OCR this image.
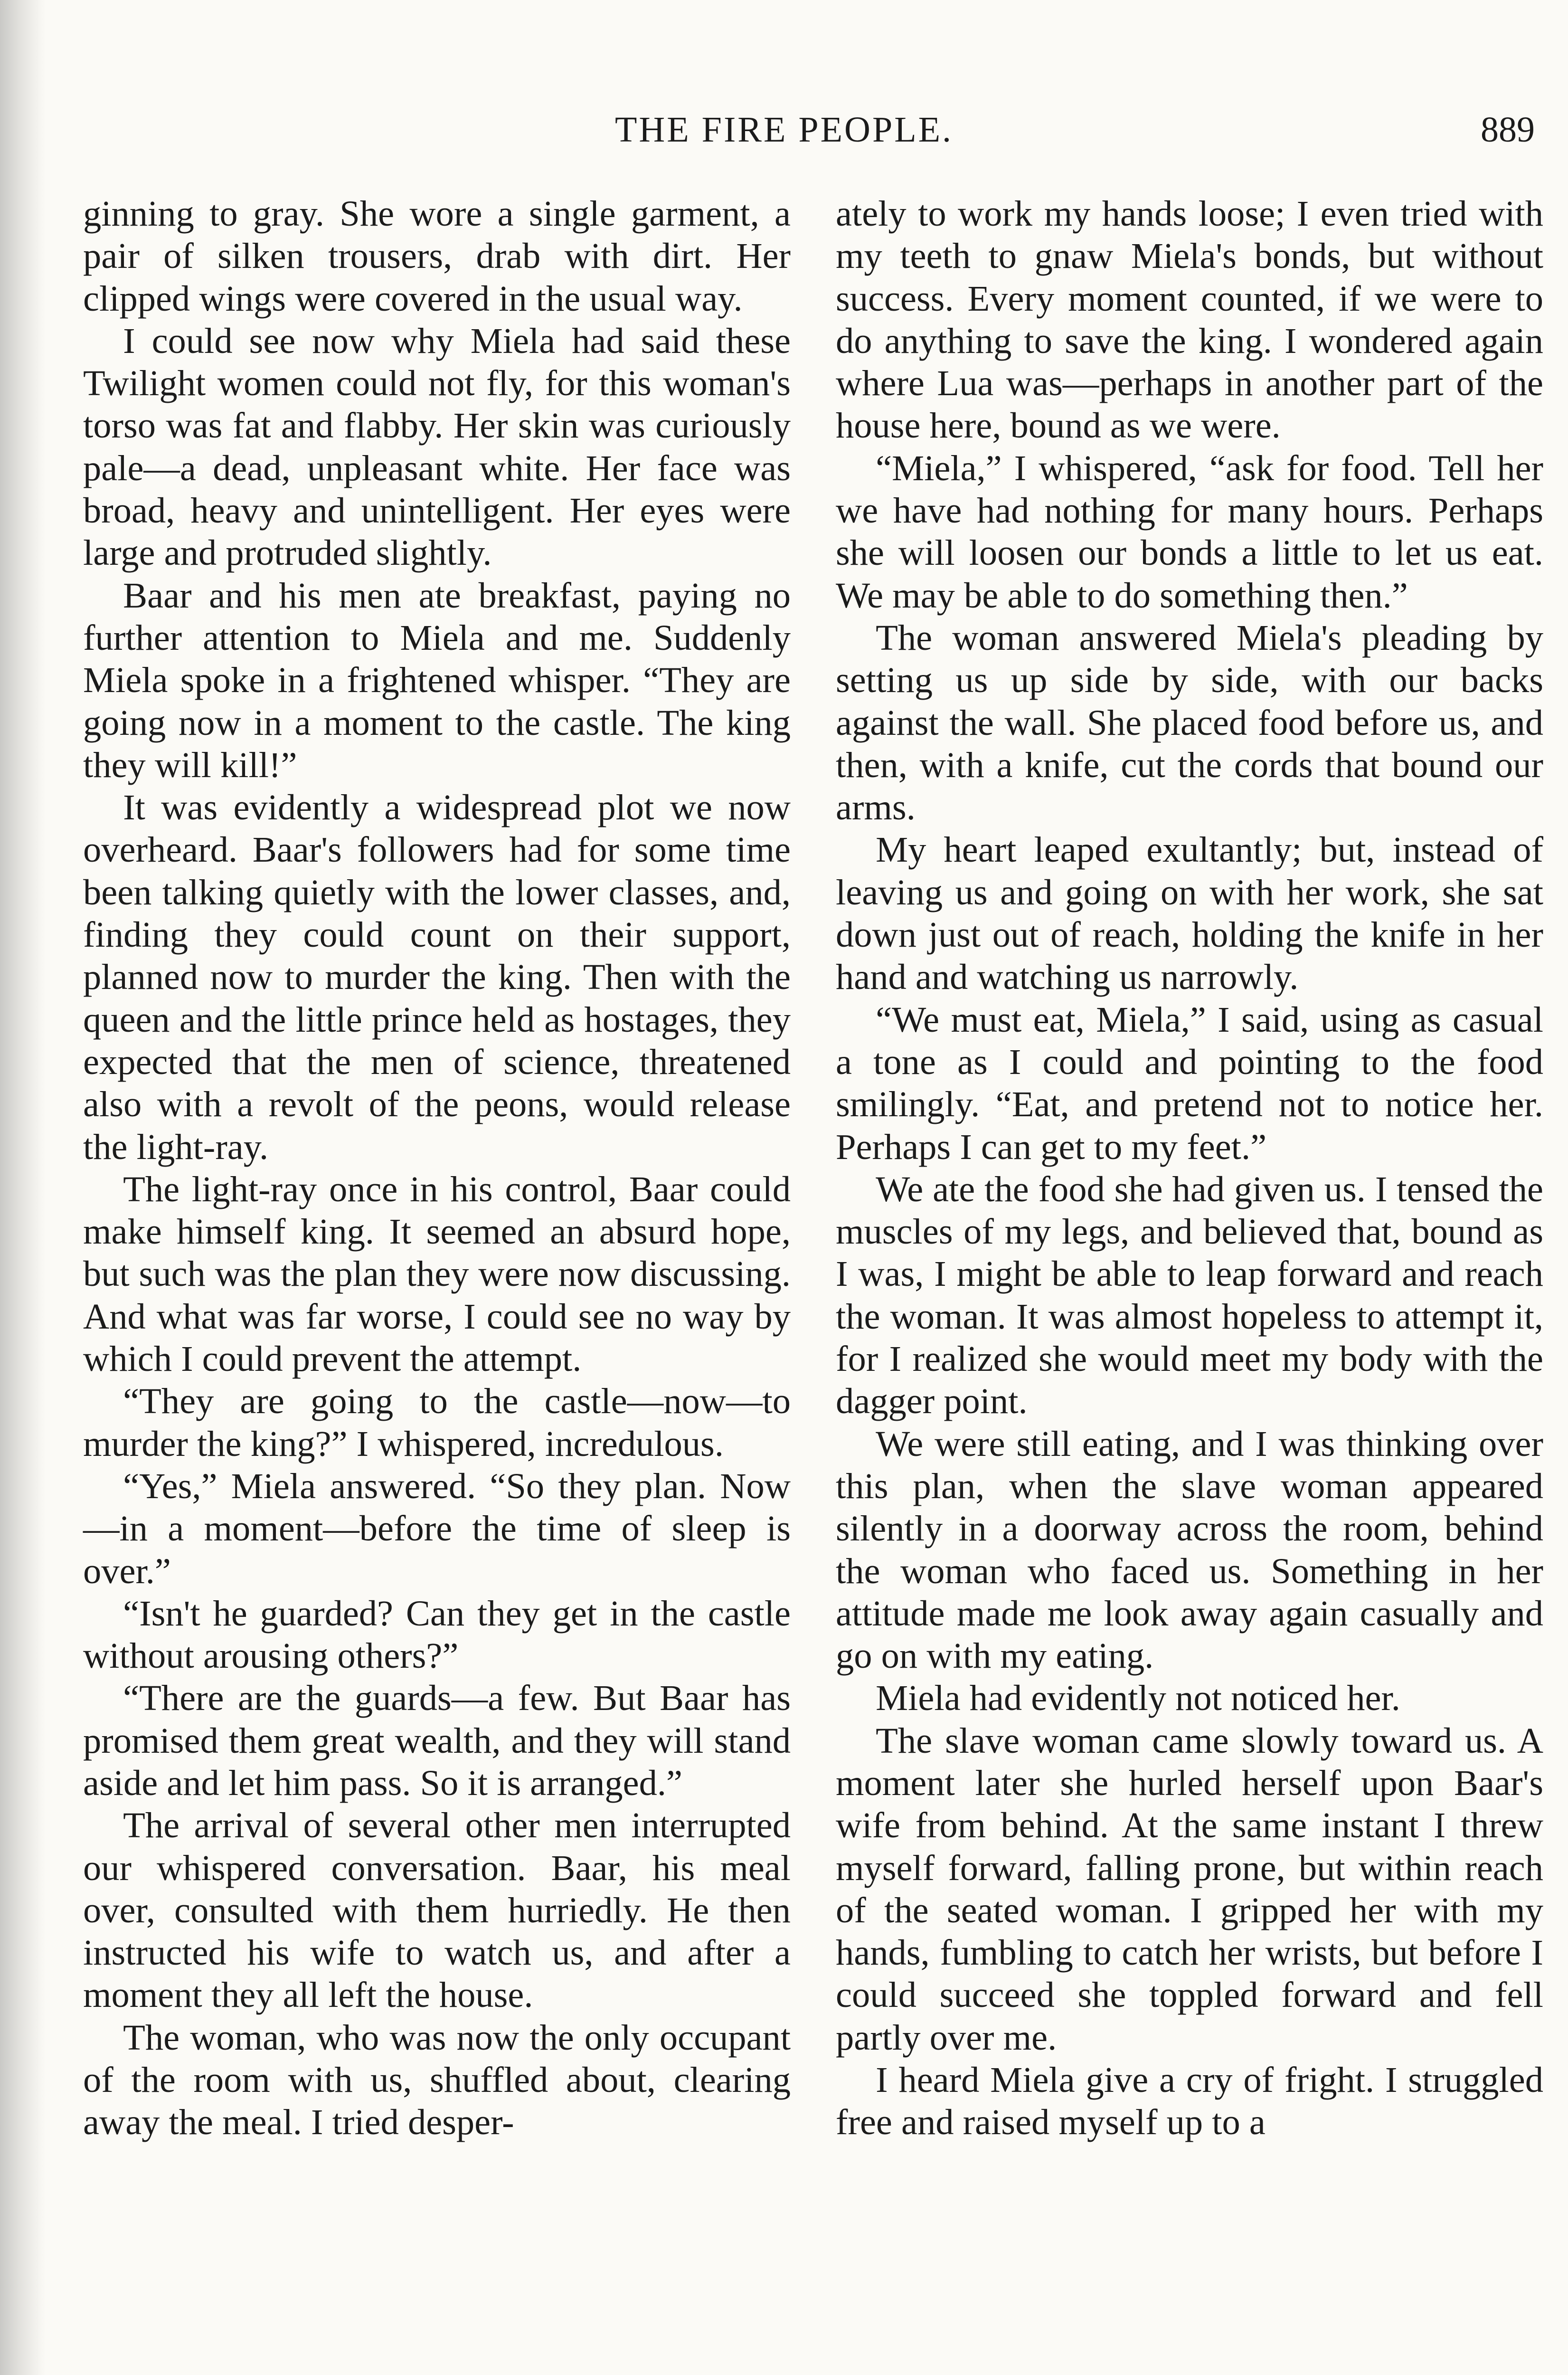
THE FIRE PEOPLE.	889

ginning to gray. She wore a single garment, a pair of silken trousers, drab with dirt. Her clipped wings were covered in the usual way.

I could see now why Miela had said these Twilight women could not fly, for this woman's torso was fat and flabby. Her skin was curiously pale—a dead, unpleasant white. Her face was broad, heavy and unintelligent. Her eyes were large and protruded slightly.

Baar and his men ate breakfast, paying no further attention to Miela and me. Suddenly Miela spoke in a frightened whisper. “They are going now in a moment to the castle. The king they will kill!”

It was evidently a widespread plot we now overheard. Baar's followers had for some time been talking quietly with the lower classes, and, finding they could count on their support, planned now to murder the king. Then with the queen and the little prince held as hostages, they expected that the men of science, threatened also with a revolt of the peons, would release the light-ray.

The light-ray once in his control, Baar could make himself king. It seemed an absurd hope, but such was the plan they were now discussing. And what was far worse, I could see no way by which I could prevent the attempt.

“They are going to the castle—now—to murder the king?” I whispered, incredulous.

“Yes,” Miela answered. “So they plan. Now—in a moment—before the time of sleep is over.”

“Isn't he guarded? Can they get in the castle without arousing others?”

“There are the guards—a few. But Baar has promised them great wealth, and they will stand aside and let him pass. So it is arranged.”

The arrival of several other men interrupted our whispered conversation. Baar, his meal over, consulted with them hurriedly. He then instructed his wife to watch us, and after a moment they all left the house.

The woman, who was now the only occupant of the room with us, shuffled about, clearing away the meal. I tried desper-

ately to work my hands loose; I even tried with my teeth to gnaw Miela's bonds, but without success. Every moment counted, if we were to do anything to save the king. I wondered again where Lua was—perhaps in another part of the house here, bound as we were.

“Miela,” I whispered, “ask for food. Tell her we have had nothing for many hours. Perhaps she will loosen our bonds a little to let us eat. We may be able to do something then.”

The woman answered Miela's pleading by setting us up side by side, with our backs against the wall. She placed food before us, and then, with a knife, cut the cords that bound our arms.

My heart leaped exultantly; but, instead of leaving us and going on with her work, she sat down just out of reach, holding the knife in her hand and watching us narrowly.

“We must eat, Miela,” I said, using as casual a tone as I could and pointing to the food smilingly. “Eat, and pretend not to notice her. Perhaps I can get to my feet.”

We ate the food she had given us. I tensed the muscles of my legs, and believed that, bound as I was, I might be able to leap forward and reach the woman. It was almost hopeless to attempt it, for I realized she would meet my body with the dagger point.

We were still eating, and I was thinking over this plan, when the slave woman appeared silently in a doorway across the room, behind the woman who faced us. Something in her attitude made me look away again casually and go on with my eating.

Miela had evidently not noticed her.

The slave woman came slowly toward us. A moment later she hurled herself upon Baar's wife from behind. At the same instant I threw myself forward, falling prone, but within reach of the seated woman. I gripped her with my hands, fumbling to catch her wrists, but before I could succeed she toppled forward and fell partly over me.

I heard Miela give a cry of fright. I struggled free and raised myself up to a
